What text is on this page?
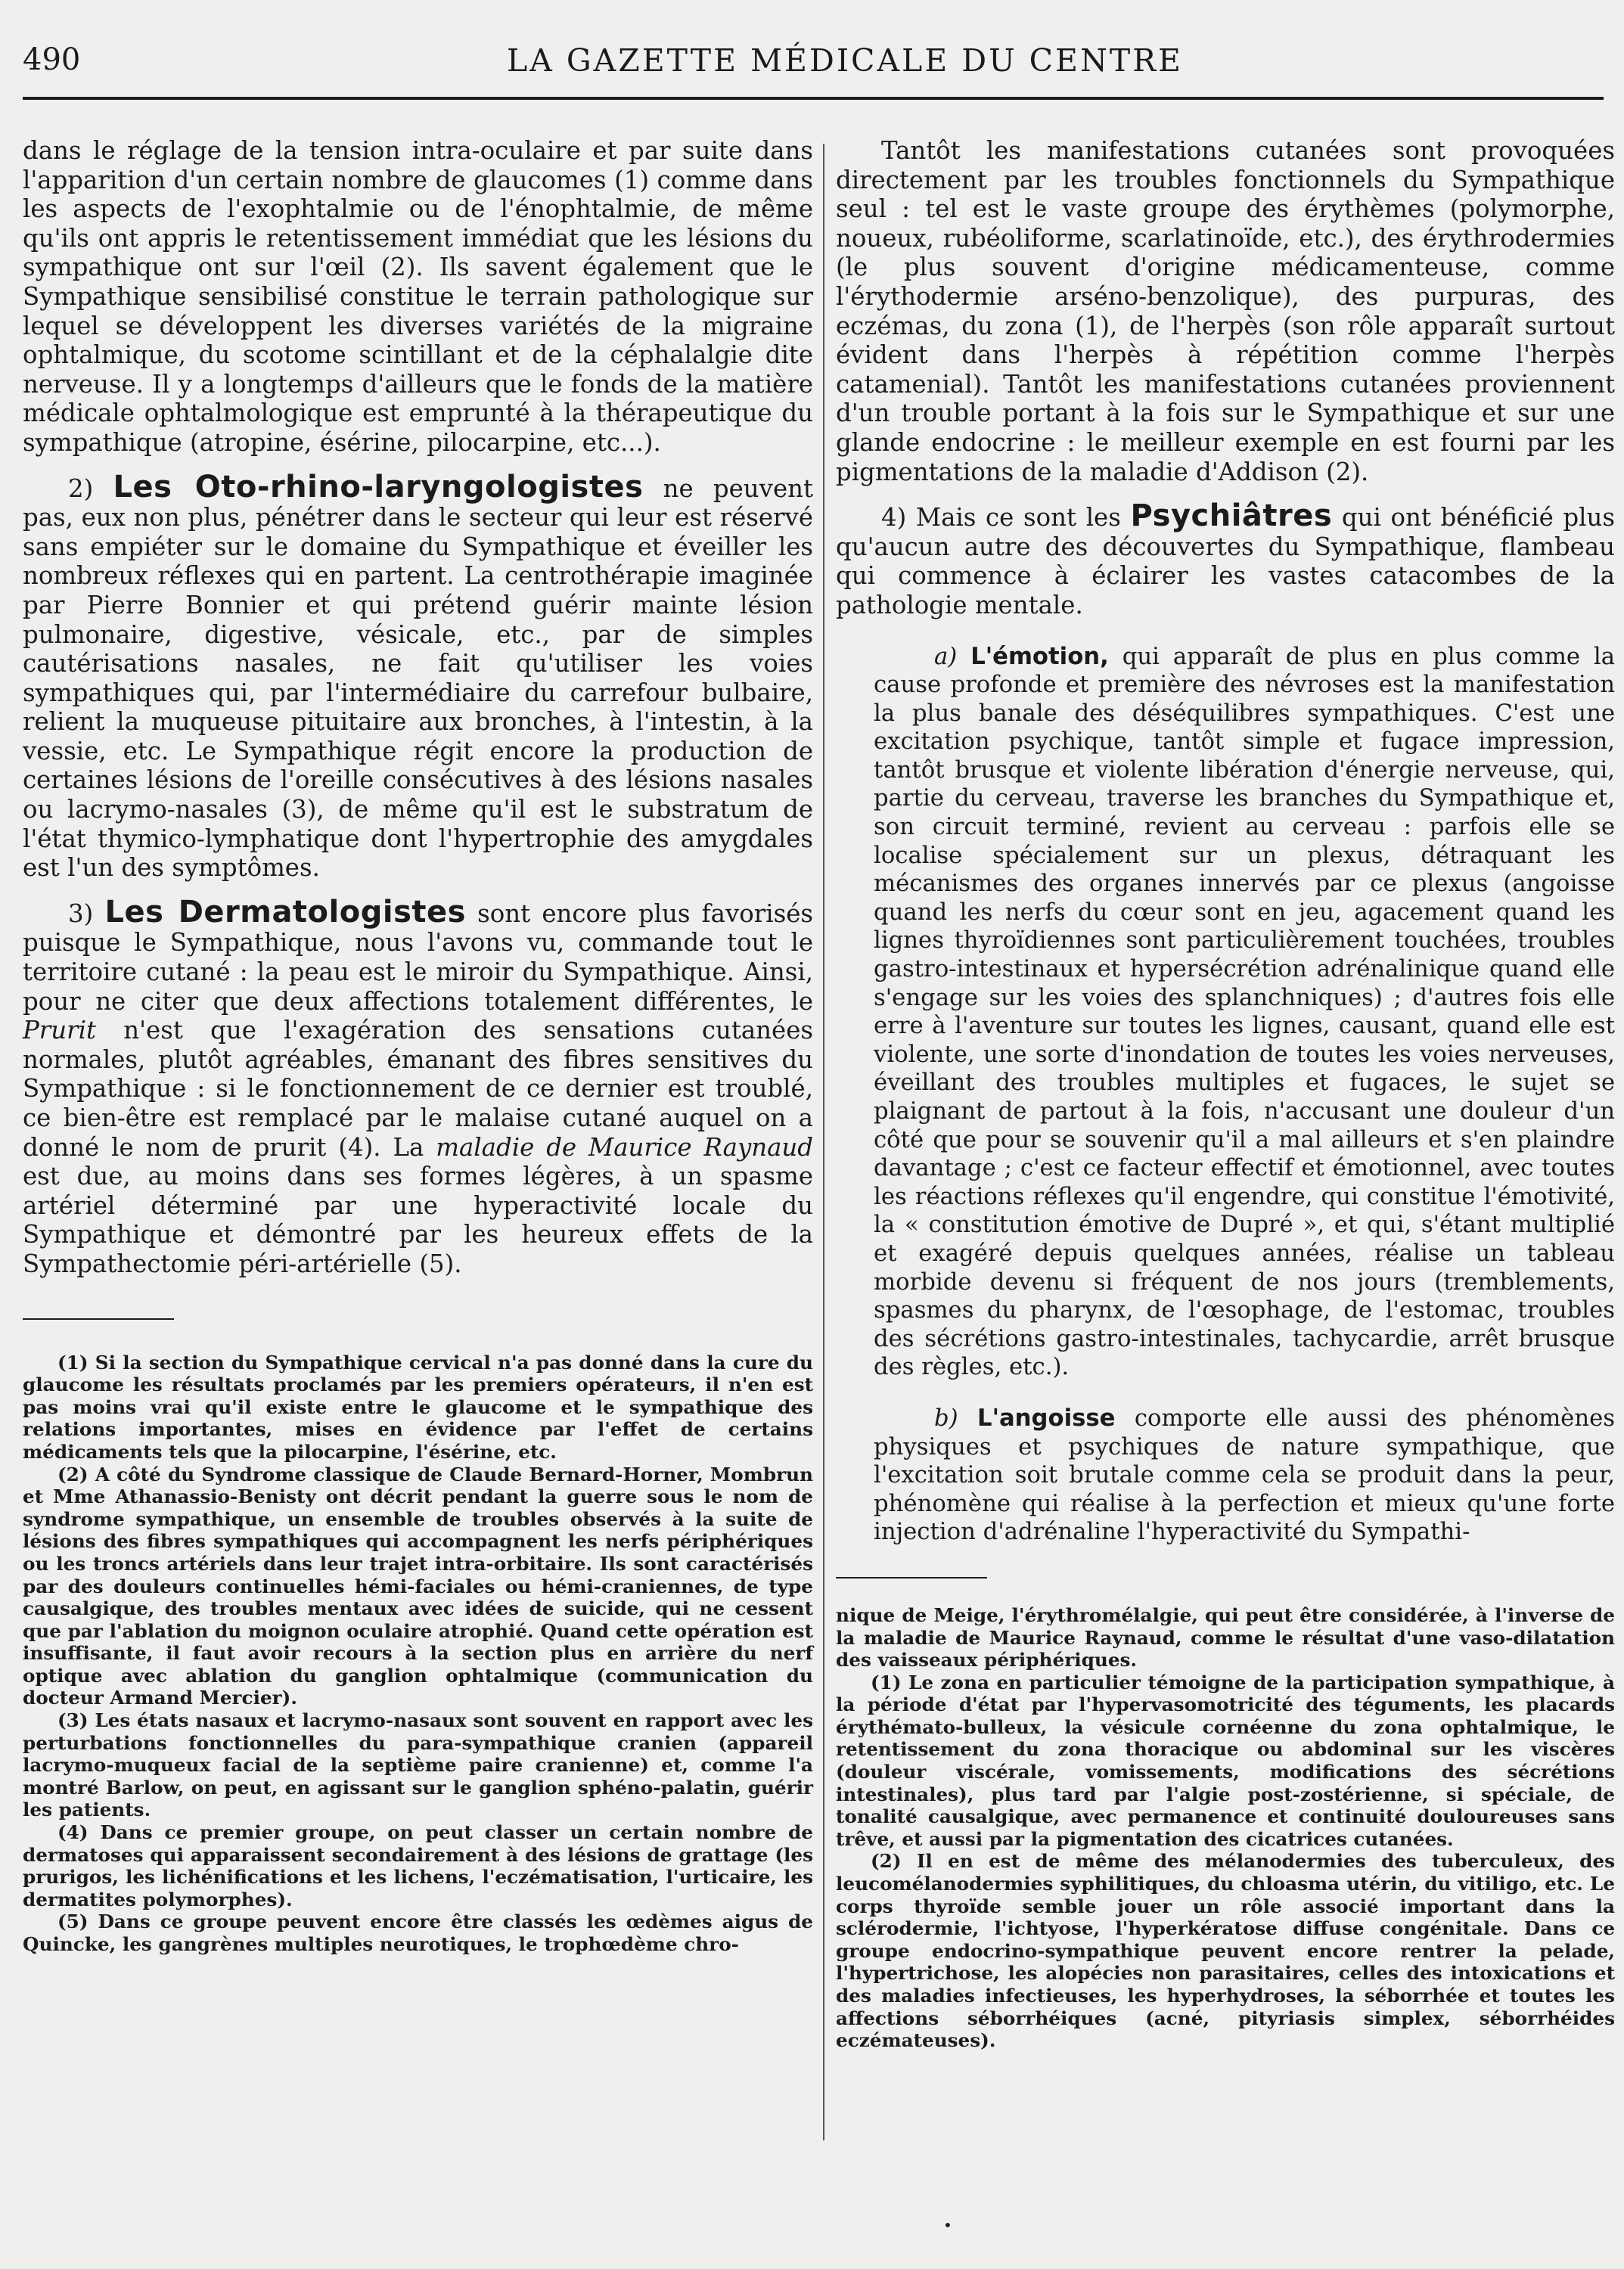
490	LA GAZETTE MÉDICALE DU CENTRE

dans le réglage de la tension intra-oculaire et par suite dans l'apparition d'un certain nombre de glaucomes (1) comme dans les aspects de l'exophtalmie ou de l'énophtalmie, de même qu'ils ont appris le retentissement immédiat que les lésions du sympathique ont sur l'œil (2). Ils savent également que le Sympathique sensibilisé constitue le terrain pathologique sur lequel se développent les diverses variétés de la migraine ophtalmique, du scotome scintillant et de la céphalalgie dite nerveuse. Il y a longtemps d'ailleurs que le fonds de la matière médicale ophtalmologique est emprunté à la thérapeutique du sympathique (atropine, ésérine, pilocarpine, etc...).

2) Les Oto-rhino-laryngologistes ne peuvent pas, eux non plus, pénétrer dans le secteur qui leur est réservé sans empiéter sur le domaine du Sympathique et éveiller les nombreux réflexes qui en partent. La centrothérapie imaginée par Pierre Bonnier et qui prétend guérir mainte lésion pulmonaire, digestive, vésicale, etc., par de simples cautérisations nasales, ne fait qu'utiliser les voies sympathiques qui, par l'intermédiaire du carrefour bulbaire, relient la muqueuse pituitaire aux bronches, à l'intestin, à la vessie, etc. Le Sympathique régit encore la production de certaines lésions de l'oreille consécutives à des lésions nasales ou lacrymo-nasales (3), de même qu'il est le substratum de l'état thymico-lymphatique dont l'hypertrophie des amygdales est l'un des symptômes.

3) Les Dermatologistes sont encore plus favorisés puisque le Sympathique, nous l'avons vu, commande tout le territoire cutané : la peau est le miroir du Sympathique. Ainsi, pour ne citer que deux affections totalement différentes, le Prurit n'est que l'exagération des sensations cutanées normales, plutôt agréables, émanant des fibres sensitives du Sympathique : si le fonctionnement de ce dernier est troublé, ce bien-être est remplacé par le malaise cutané auquel on a donné le nom de prurit (4). La maladie de Maurice Raynaud est due, au moins dans ses formes légères, à un spasme artériel déterminé par une hyperactivité locale du Sympathique et démontré par les heureux effets de la Sympathectomie péri-artérielle (5).

(1) Si la section du Sympathique cervical n'a pas donné dans la cure du glaucome les résultats proclamés par les premiers opérateurs, il n'en est pas moins vrai qu'il existe entre le glaucome et le sympathique des relations importantes, mises en évidence par l'effet de certains médicaments tels que la pilocarpine, l'ésérine, etc.

(2) A côté du Syndrome classique de Claude Bernard-Horner, Mombrun et Mme Athanassio-Benisty ont décrit pendant la guerre sous le nom de syndrome sympathique, un ensemble de troubles observés à la suite de lésions des fibres sympathiques qui accompagnent les nerfs périphériques ou les troncs artériels dans leur trajet intra-orbitaire. Ils sont caractérisés par des douleurs continuelles hémi-faciales ou hémi-craniennes, de type causalgique, des troubles mentaux avec idées de suicide, qui ne cessent que par l'ablation du moignon oculaire atrophié. Quand cette opération est insuffisante, il faut avoir recours à la section plus en arrière du nerf optique avec ablation du ganglion ophtalmique (communication du docteur Armand Mercier).

(3) Les états nasaux et lacrymo-nasaux sont souvent en rapport avec les perturbations fonctionnelles du para-sympathique cranien (appareil lacrymo-muqueux facial de la septième paire cranienne) et, comme l'a montré Barlow, on peut, en agissant sur le ganglion sphéno-palatin, guérir les patients.

(4) Dans ce premier groupe, on peut classer un certain nombre de dermatoses qui apparaissent secondairement à des lésions de grattage (les prurigos, les lichénifications et les lichens, l'eczématisation, l'urticaire, les dermatites polymorphes).

(5) Dans ce groupe peuvent encore être classés les œdèmes aigus de Quincke, les gangrènes multiples neurotiques, le trophœdème chro-

Tantôt les manifestations cutanées sont provoquées directement par les troubles fonctionnels du Sympathique seul : tel est le vaste groupe des érythèmes (polymorphe, noueux, rubéoliforme, scarlatinoïde, etc.), des érythrodermies (le plus souvent d'origine médicamenteuse, comme l'érythodermie arséno-benzolique), des purpuras, des eczémas, du zona (1), de l'herpès (son rôle apparaît surtout évident dans l'herpès à répétition comme l'herpès catamenial). Tantôt les manifestations cutanées proviennent d'un trouble portant à la fois sur le Sympathique et sur une glande endocrine : le meilleur exemple en est fourni par les pigmentations de la maladie d'Addison (2).

4) Mais ce sont les Psychiâtres qui ont bénéficié plus qu'aucun autre des découvertes du Sympathique, flambeau qui commence à éclairer les vastes catacombes de la pathologie mentale.

a) L'émotion, qui apparaît de plus en plus comme la cause profonde et première des névroses est la manifestation la plus banale des déséquilibres sympathiques. C'est une excitation psychique, tantôt simple et fugace impression, tantôt brusque et violente libération d'énergie nerveuse, qui, partie du cerveau, traverse les branches du Sympathique et, son circuit terminé, revient au cerveau : parfois elle se localise spécialement sur un plexus, détraquant les mécanismes des organes innervés par ce plexus (angoisse quand les nerfs du cœur sont en jeu, agacement quand les lignes thyroïdiennes sont particulièrement touchées, troubles gastro-intestinaux et hypersécrétion adrénalinique quand elle s'engage sur les voies des splanchniques) ; d'autres fois elle erre à l'aventure sur toutes les lignes, causant, quand elle est violente, une sorte d'inondation de toutes les voies nerveuses, éveillant des troubles multiples et fugaces, le sujet se plaignant de partout à la fois, n'accusant une douleur d'un côté que pour se souvenir qu'il a mal ailleurs et s'en plaindre davantage ; c'est ce facteur effectif et émotionnel, avec toutes les réactions réflexes qu'il engendre, qui constitue l'émotivité, la « constitution émotive de Dupré », et qui, s'étant multiplié et exagéré depuis quelques années, réalise un tableau morbide devenu si fréquent de nos jours (tremblements, spasmes du pharynx, de l'œsophage, de l'estomac, troubles des sécrétions gastro-intestinales, tachycardie, arrêt brusque des règles, etc.).

b) L'angoisse comporte elle aussi des phénomènes physiques et psychiques de nature sympathique, que l'excitation soit brutale comme cela se produit dans la peur, phénomène qui réalise à la perfection et mieux qu'une forte injection d'adrénaline l'hyperactivité du Sympathi-

nique de Meige, l'érythromélalgie, qui peut être considérée, à l'inverse de la maladie de Maurice Raynaud, comme le résultat d'une vaso-dilatation des vaisseaux périphériques.

(1) Le zona en particulier témoigne de la participation sympathique, à la période d'état par l'hypervasomotricité des téguments, les placards érythémato-bulleux, la vésicule cornéenne du zona ophtalmique, le retentissement du zona thoracique ou abdominal sur les viscères (douleur viscérale, vomissements, modifications des sécrétions intestinales), plus tard par l'algie post-zostérienne, si spéciale, de tonalité causalgique, avec permanence et continuité douloureuses sans trêve, et aussi par la pigmentation des cicatrices cutanées.

(2) Il en est de même des mélanodermies des tuberculeux, des leucomélanodermies syphilitiques, du chloasma utérin, du vitiligo, etc. Le corps thyroïde semble jouer un rôle associé important dans la sclérodermie, l'ichtyose, l'hyperkératose diffuse congénitale. Dans ce groupe endocrino-sympathique peuvent encore rentrer la pelade, l'hypertrichose, les alopécies non parasitaires, celles des intoxications et des maladies infectieuses, les hyperhydroses, la séborrhée et toutes les affections séborrhéiques (acné, pityriasis simplex, séborrhéides eczémateuses).

•
